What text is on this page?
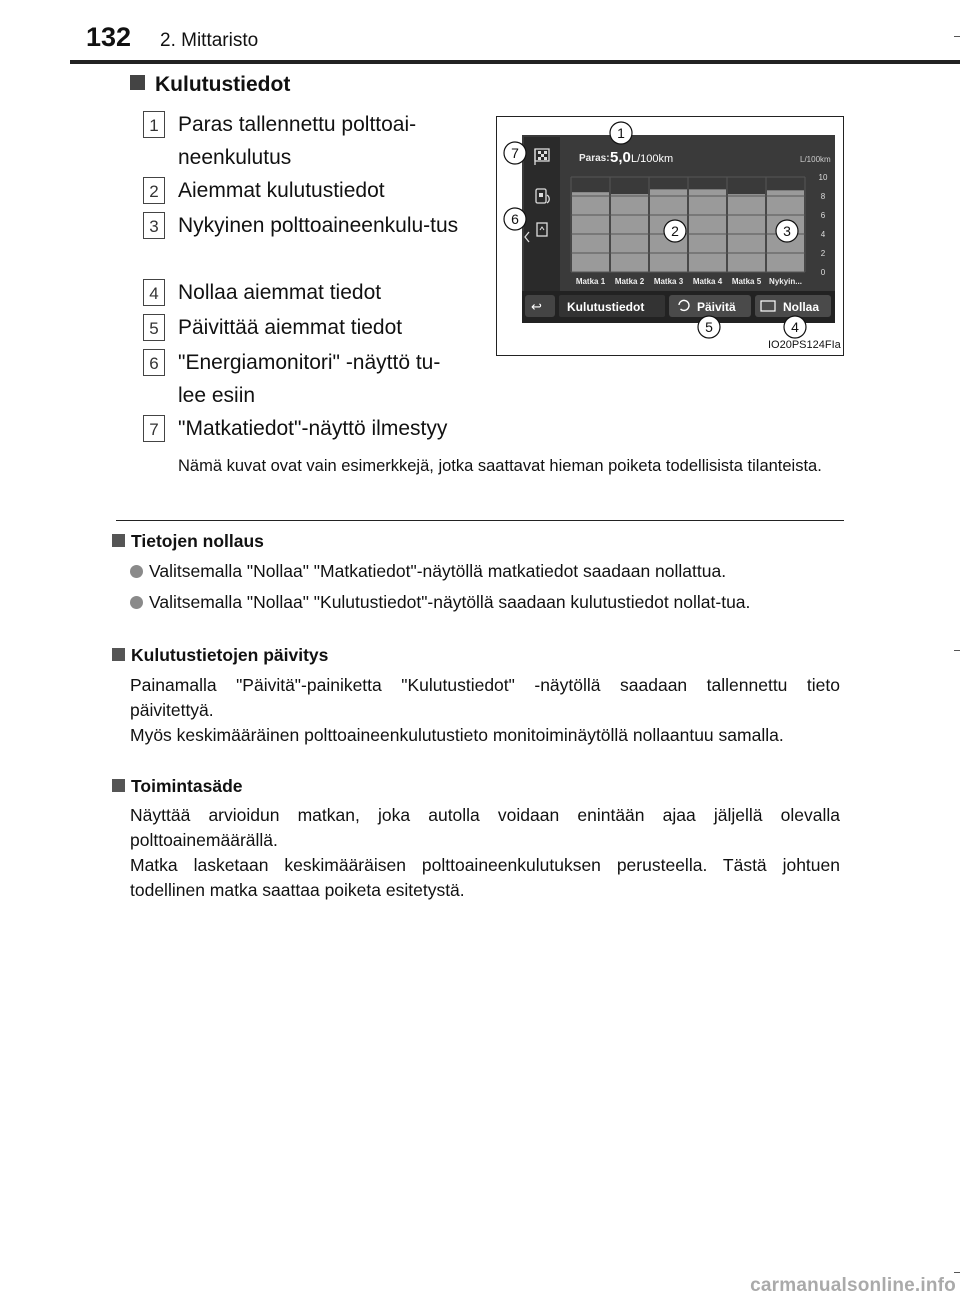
132 2. Mittaristo
Kulutustiedot
1 Paras tallennettu polttoai-neenkulutus
2 Aiemmat kulutustiedot
3 Nykyinen polttoaineenkulu-tus
4 Nollaa aiemmat tiedot
5 Päivittää aiemmat tiedot
6 "Energiamonitori" -näyttö tu-lee esiin
7 "Matkatiedot"-näyttö ilmestyy
Nämä kuvat ovat vain esimerkkejä, jotka saattavat hieman poiketa todellisista tilanteista.
Paras: 5,0 L/100km	L/100km
10
8
6
4
2
0
Matka 1 Matka 2 Matka 3 Matka 4 Matka 5 Nykyin...
↩ Kulutustiedot	Päivitä	Nollaa
1
2	3
4
5
6
7
IO20PS124FIa
Tietojen nollaus
Valitsemalla "Nollaa" "Matkatiedot"-näytöllä matkatiedot saadaan nollattua.
Valitsemalla "Nollaa" "Kulutustiedot"-näytöllä saadaan kulutustiedot nollat-tua.
Kulutustietojen päivitys

Painamalla "Päivitä"-painiketta "Kulutustiedot" -näytöllä saadaan tallennettu tieto päivitettyä.

Myös keskimääräinen polttoaineenkulutustieto monitoiminäytöllä nollaantuu samalla.

Toimintasäde

Näyttää arvioidun matkan, joka autolla voidaan enintään ajaa jäljellä olevalla polttoainemäärällä.

Matka lasketaan keskimääräisen polttoaineenkulutuksen perusteella. Tästä johtuen todellinen matka saattaa poiketa esitetystä.

carmanualsonline.info
